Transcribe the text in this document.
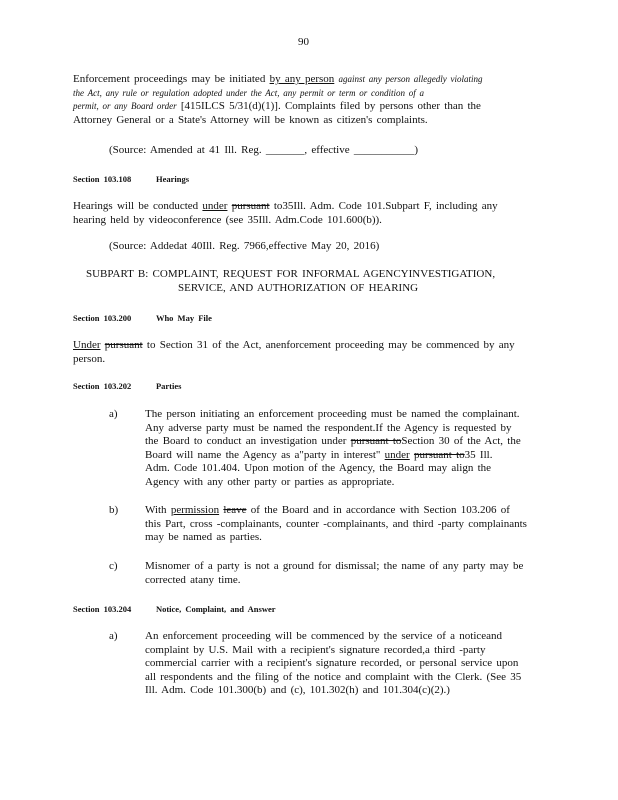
90
Enforcement proceedings may be initiated by any person against any person allegedly violating
the Act, any rule or regulation adopted under the Act, any permit or term or condition of a
permit, or any Board order [415ILCS 5/31(d)(1)]. Complaints filed by persons other than the
Attorney General or a State's Attorney will be known as citizen's complaints.
(Source: Amended at 41 Ill. Reg. _______, effective ___________)
Section 103.108	Hearings
Hearings will be conducted under pursuant to35Ill. Adm. Code 101.Subpart F, including any
hearing held by videoconference (see 35Ill. Adm.Code 101.600(b)).
(Source: Addedat 40Ill. Reg. 7966,effective May 20, 2016)
SUBPART B: COMPLAINT, REQUEST FOR INFORMAL AGENCYINVESTIGATION,
SERVICE, AND AUTHORIZATION OF HEARING
Section 103.200	Who May File
Under pursuant to Section 31 of the Act, anenforcement proceeding may be commenced by any
person.
Section 103.202	Parties
a) The person initiating an enforcement proceeding must be named the complainant.
Any adverse party must be named the respondent.If the Agency is requested by
the Board to conduct an investigation under pursuant toSection 30 of the Act, the
Board will name the Agency as a"party in interest" under pursuant to35 Ill.
Adm. Code 101.404. Upon motion of the Agency, the Board may align the
Agency with any other party or parties as appropriate.
b) With permission leave of the Board and in accordance with Section 103.206 of
this Part, cross -complainants, counter -complainants, and third -party complainants
may be named as parties.
c) Misnomer of a party is not a ground for dismissal; the name of any party may be
corrected atany time.
Section 103.204	Notice, Complaint, and Answer
a) An enforcement proceeding will be commenced by the service of a noticeand
complaint by U.S. Mail with a recipient's signature recorded,a third -party
commercial carrier with a recipient's signature recorded, or personal service upon
all respondents and the filing of the notice and complaint with the Clerk. (See 35
Ill. Adm. Code 101.300(b) and (c), 101.302(h) and 101.304(c)(2).)
